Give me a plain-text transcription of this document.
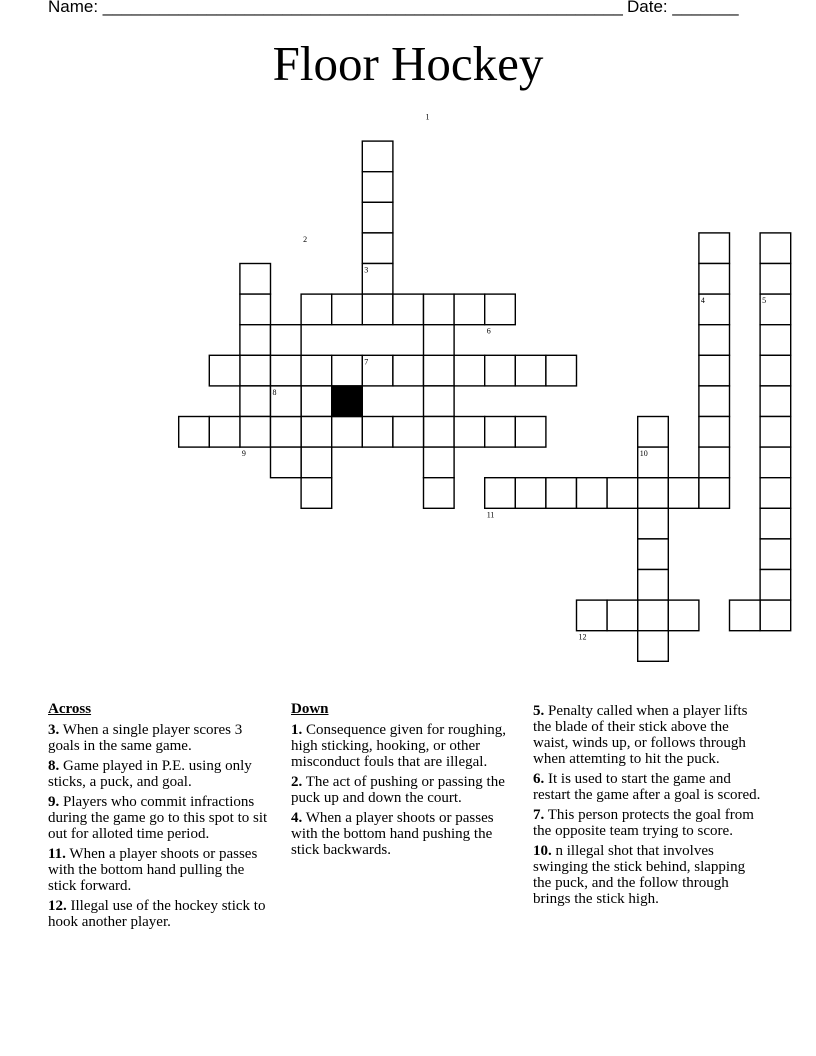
Name: _______________________________________________________ Date: _______
Floor Hockey
1
2
3
4	5
6
7
8
9	10
11
12
Across
3. When a single player scores 3 goals in the same game.
8. Game played in P.E. using only sticks, a puck, and goal.
9. Players who commit infractions during the game go to this spot to sit out for alloted time period.
11. When a player shoots or passes with the bottom hand pulling the stick forward.
12. Illegal use of the hockey stick to hook another player.
Down
1. Consequence given for roughing, high sticking, hooking, or other misconduct fouls that are illegal.
2. The act of pushing or passing the puck up and down the court.
4. When a player shoots or passes with the bottom hand pushing the stick backwards.
5. Penalty called when a player lifts the blade of their stick above the waist, winds up, or follows through when attemting to hit the puck.
6. It is used to start the game and restart the game after a goal is scored.
7. This person protects the goal from the opposite team trying to score.
10. n illegal shot that involves swinging the stick behind, slapping the puck, and the follow through brings the stick high.
